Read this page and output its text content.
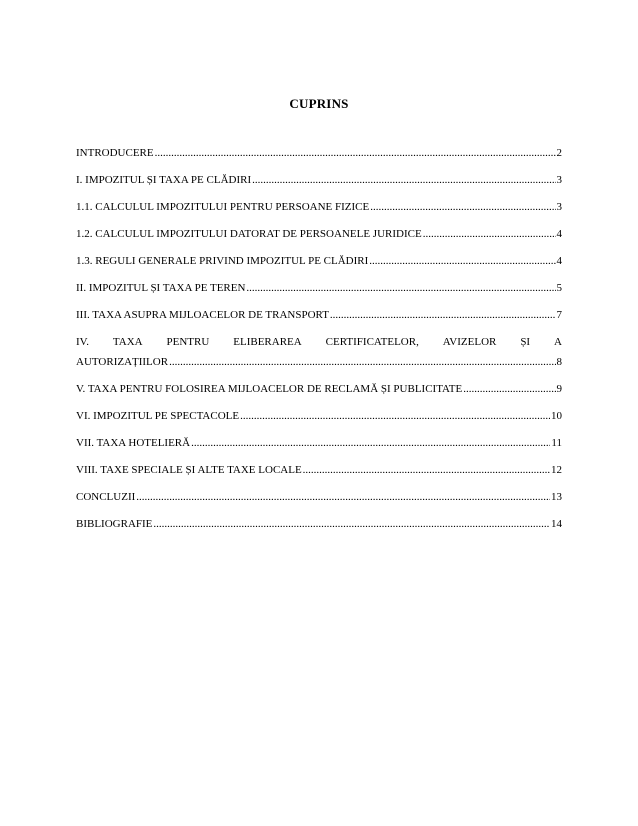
CUPRINS
INTRODUCERE .....	2
I. IMPOZITUL ȘI TAXA PE CLĂDIRI .....	3
1.1. CALCULUL IMPOZITULUI PENTRU PERSOANE FIZICE .....	3
1.2. CALCULUL IMPOZITULUI DATORAT DE PERSOANELE JURIDICE .....	4
1.3. REGULI GENERALE PRIVIND IMPOZITUL PE CLĂDIRI .....	4
II. IMPOZITUL ȘI TAXA PE TEREN .....	5
III. TAXA ASUPRA MIJLOACELOR DE TRANSPORT .....	7
IV. TAXA PENTRU ELIBERAREA CERTIFICATELOR, AVIZELOR ȘI A
AUTORIZAȚIILOR .....	8
V. TAXA PENTRU FOLOSIREA MIJLOACELOR DE RECLAMĂ ȘI PUBLICITATE .....	9
VI. IMPOZITUL PE SPECTACOLE .....	10
VII. TAXA HOTELIERĂ .....	11
VIII. TAXE SPECIALE ȘI ALTE TAXE LOCALE .....	12
CONCLUZII .....	13
BIBLIOGRAFIE .....	14
